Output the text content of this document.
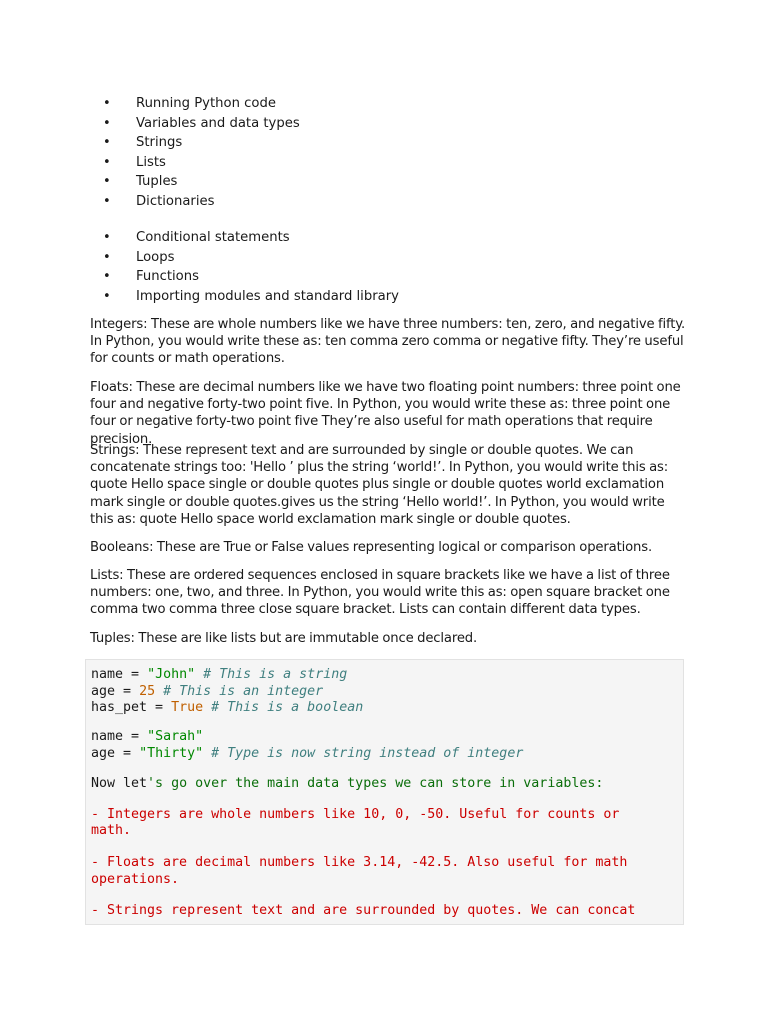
• Running Python code
• Variables and data types
• Strings
• Lists
• Tuples
• Dictionaries
• Conditional statements
• Loops
• Functions
• Importing modules and standard library

Integers: These are whole numbers like we have three numbers: ten, zero, and negative fifty. In Python, you would write these as: ten comma zero comma or negative fifty. They’re useful for counts or math operations.

Floats: These are decimal numbers like we have two floating point numbers: three point one four and negative forty-two point five. In Python, you would write these as: three point one four or negative forty-two point five They’re also useful for math operations that require precision.

Strings: These represent text and are surrounded by single or double quotes. We can concatenate strings too: 'Hello ’ plus the string ‘world!’. In Python, you would write this as: quote Hello space single or double quotes plus single or double quotes world exclamation mark single or double quotes.gives us the string ‘Hello world!’. In Python, you would write this as: quote Hello space world exclamation mark single or double quotes.

Booleans: These are True or False values representing logical or comparison operations.

Lists: These are ordered sequences enclosed in square brackets like we have a list of three numbers: one, two, and three. In Python, you would write this as: open square bracket one comma two comma three close square bracket. Lists can contain different data types.

Tuples: These are like lists but are immutable once declared.

name = "John" # This is a string
age = 25 # This is an integer
has_pet = True # This is a boolean
name = "Sarah"
age = "Thirty" # Type is now string instead of integer
Now let's go over the main data types we can store in variables:
- Integers are whole numbers like 10, 0, -50. Useful for counts or
math.
- Floats are decimal numbers like 3.14, -42.5. Also useful for math
operations.
- Strings represent text and are surrounded by quotes. We can concat
